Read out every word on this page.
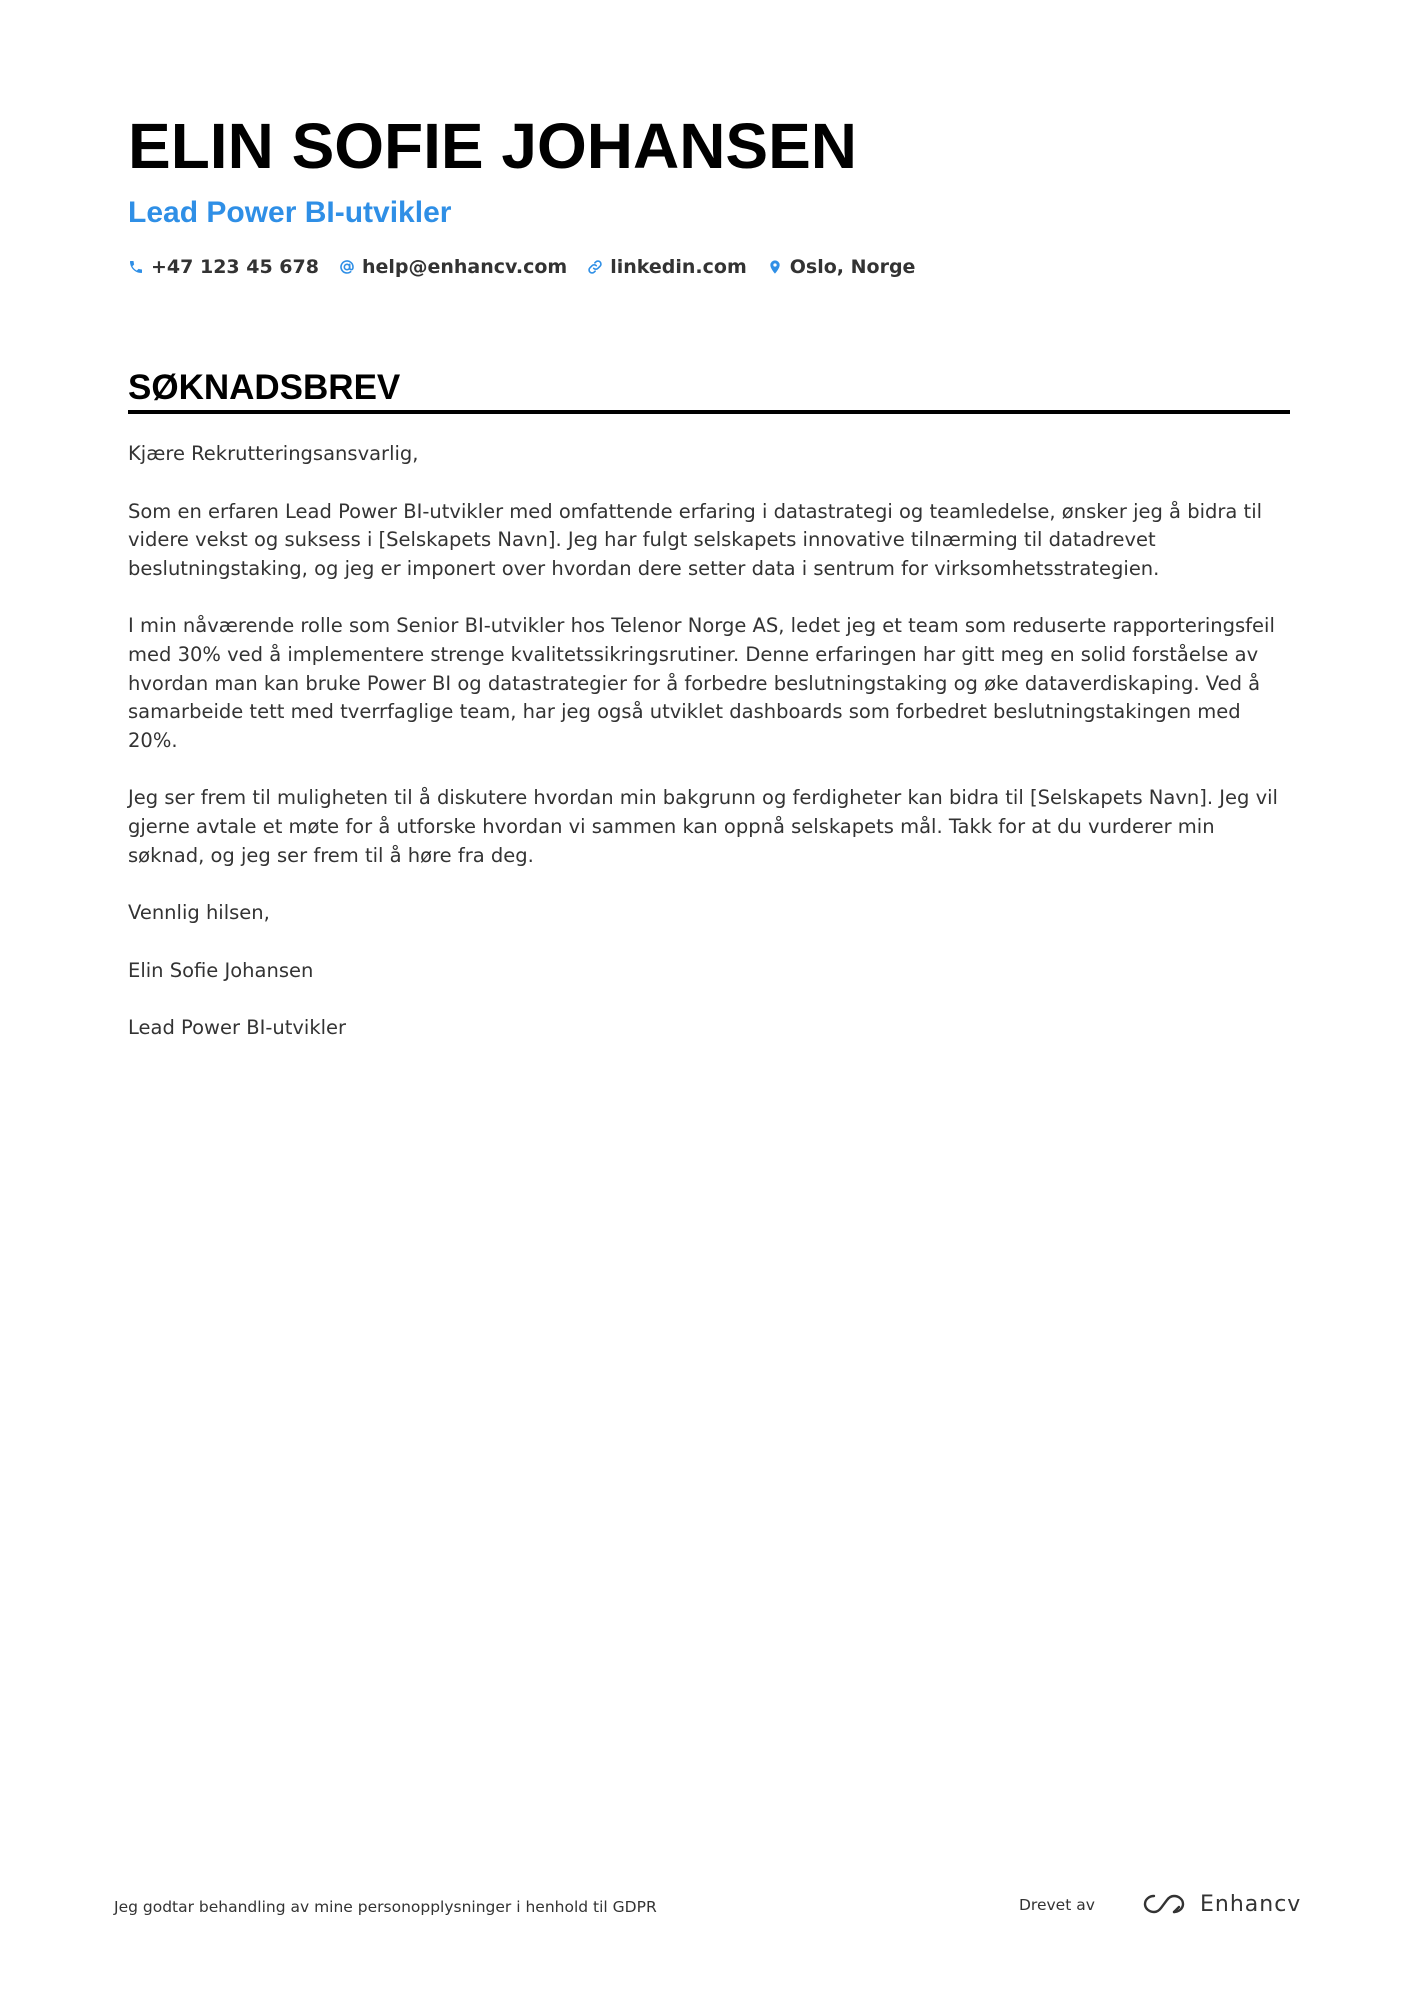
ELIN SOFIE JOHANSEN
Lead Power BI-utvikler
+47 123 45 678 help@enhancv.com linkedin.com Oslo, Norge
SØKNADSBREV

Kjære Rekrutteringsansvarlig,

Som en erfaren Lead Power BI-utvikler med omfattende erfaring i datastrategi og teamledelse, ønsker jeg å bidra til videre vekst og suksess i [Selskapets Navn]. Jeg har fulgt selskapets innovative tilnærming til datadrevet beslutningstaking, og jeg er imponert over hvordan dere setter data i sentrum for virksomhetsstrategien.

I min nåværende rolle som Senior BI-utvikler hos Telenor Norge AS, ledet jeg et team som reduserte rapporteringsfeil med 30% ved å implementere strenge kvalitetssikringsrutiner. Denne erfaringen har gitt meg en solid forståelse av hvordan man kan bruke Power BI og datastrategier for å forbedre beslutningstaking og øke dataverdiskaping. Ved å samarbeide tett med tverrfaglige team, har jeg også utviklet dashboards som forbedret beslutningstakingen med 20%.

Jeg ser frem til muligheten til å diskutere hvordan min bakgrunn og ferdigheter kan bidra til [Selskapets Navn]. Jeg vil gjerne avtale et møte for å utforske hvordan vi sammen kan oppnå selskapets mål. Takk for at du vurderer min søknad, og jeg ser frem til å høre fra deg.

Vennlig hilsen,

Elin Sofie Johansen

Lead Power BI-utvikler

Jeg godtar behandling av mine personopplysninger i henhold til GDPR	Drevet av	Enhancv
